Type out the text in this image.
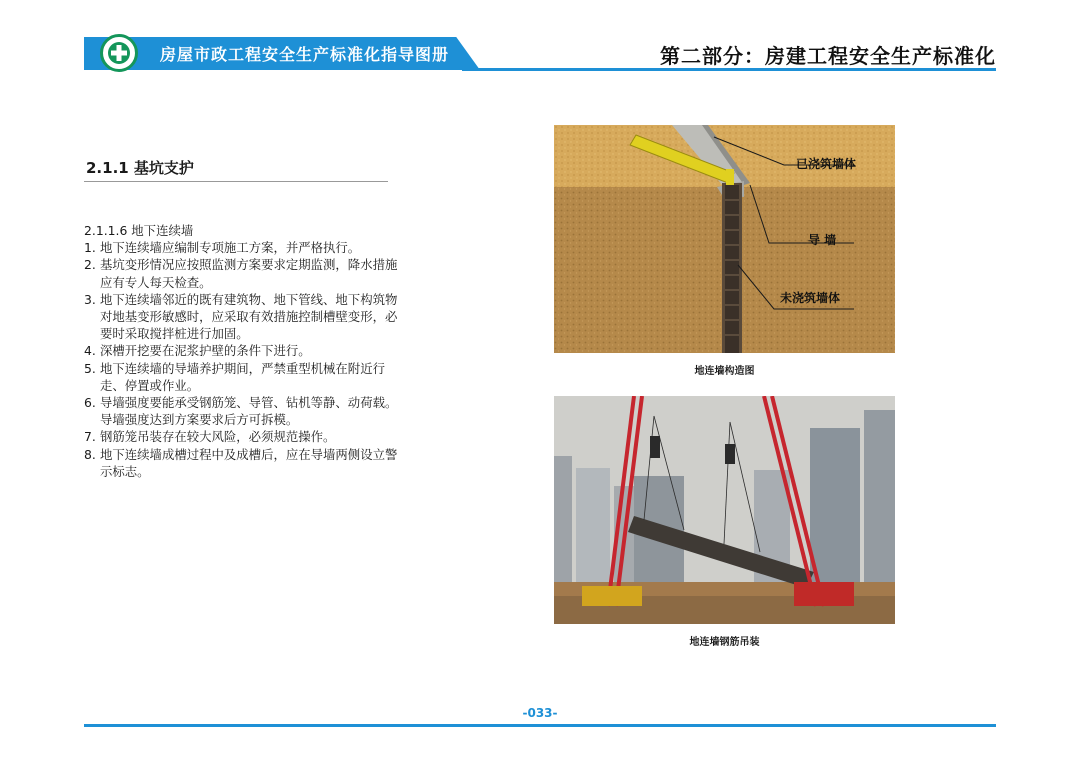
房屋市政工程安全生产标准化指导图册	第二部分：房建工程安全生产标准化
2.1.1 基坑支护
2.1.1.6 地下连续墙
1. 地下连续墙应编制专项施工方案，并严格执行。
2. 基坑变形情况应按照监测方案要求定期监测，降水措施应有专人每天检查。
3. 地下连续墙邻近的既有建筑物、地下管线、地下构筑物对地基变形敏感时，应采取有效措施控制槽壁变形，必要时采取搅拌桩进行加固。
4. 深槽开挖要在泥浆护壁的条件下进行。
5. 地下连续墙的导墙养护期间，严禁重型机械在附近行走、停置或作业。
6. 导墙强度要能承受钢筋笼、导管、钻机等静、动荷载。导墙强度达到方案要求后方可拆模。
7. 钢筋笼吊装存在较大风险，必须规范操作。
8. 地下连续墙成槽过程中及成槽后，应在导墙两侧设立警示标志。
已浇筑墙体
导 墙
未浇筑墙体
地连墙构造图
地连墙钢筋吊装
-033-
